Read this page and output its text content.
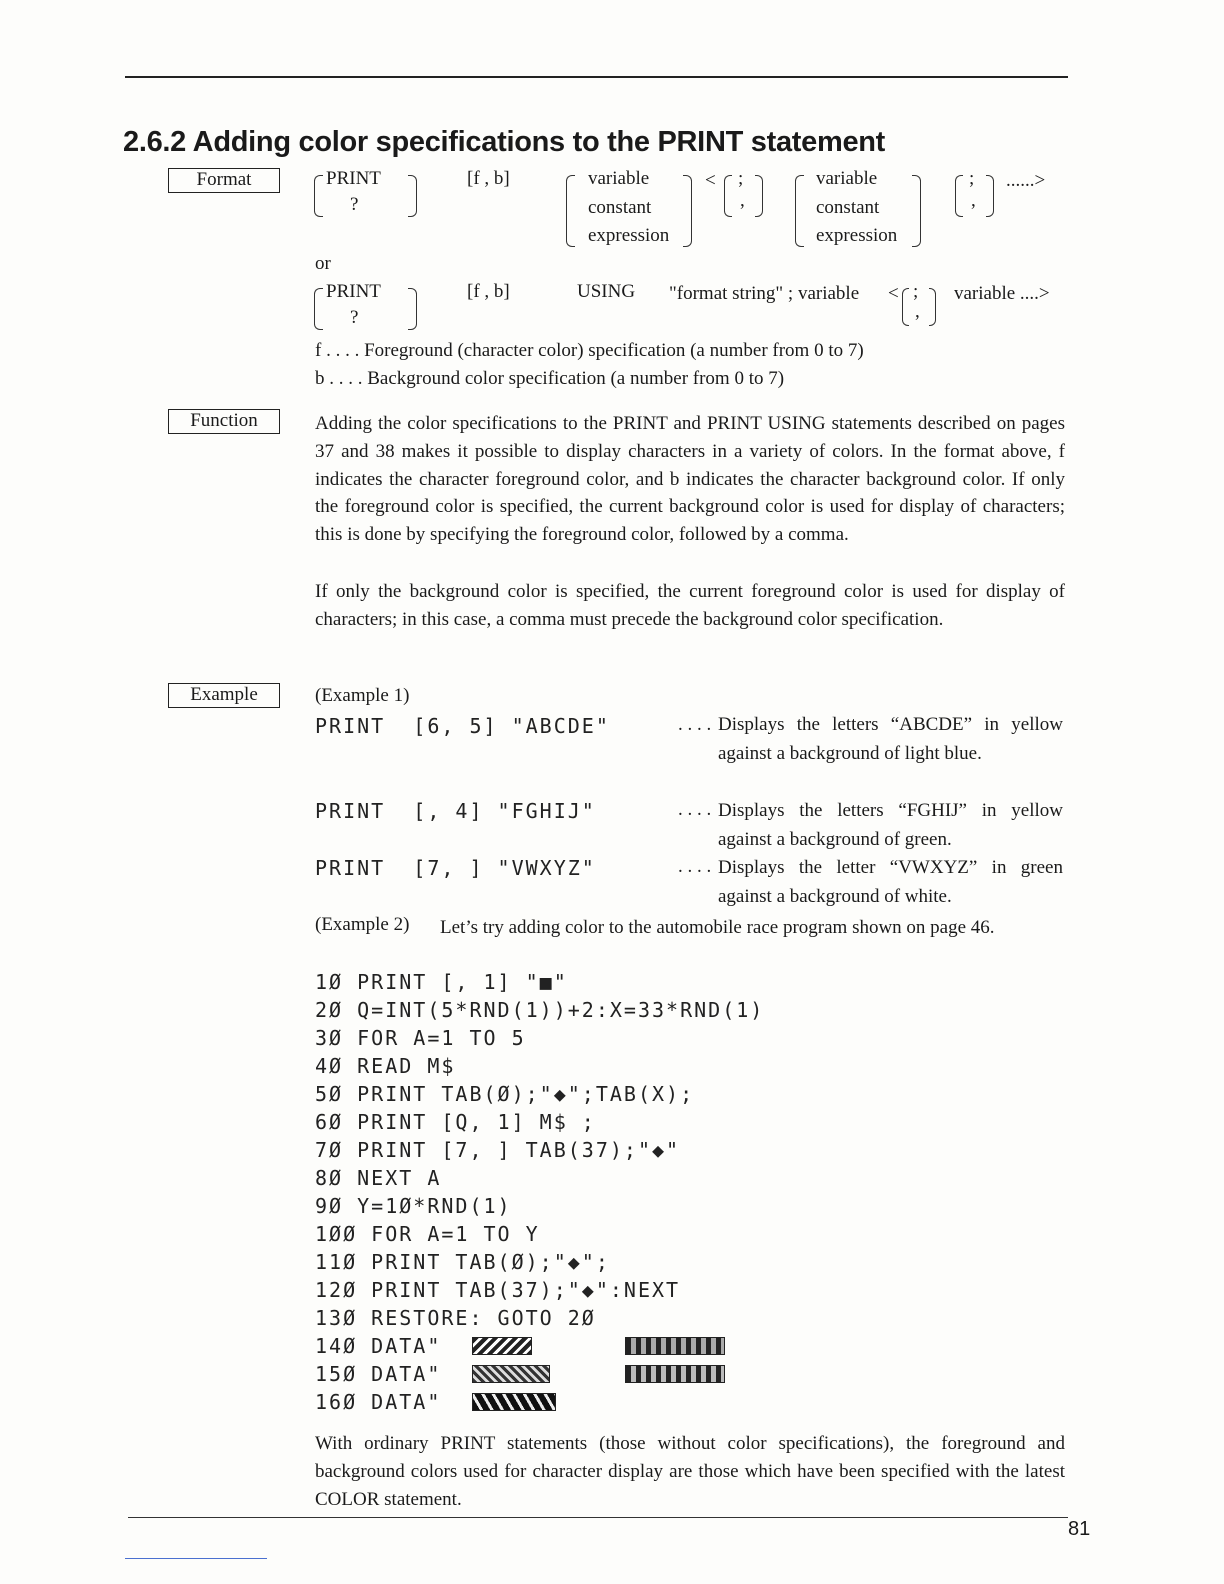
2.6.2 Adding color specifications to the PRINT statement
Format	PRINT
?
[f , b]	variable
constant
expression
< ;
,
variable
constant
expression
;
,
......>
or
PRINT
?
[f , b]	USING "format string" ; variable < ;
,
variable ....>
f . . . . Foreground (character color) specification (a number from 0 to 7)
b . . . . Background color specification (a number from 0 to 7)
Function	Adding the color specifications to the PRINT and PRINT USING statements described on pages 37 and 38 makes it possible to display characters in a variety of colors. In the format above, f indicates the character foreground color, and b indicates the character background color. If only the foreground color is specified, the current background color is used for display of characters; this is done by specifying the foreground color, followed by a comma.
If only the background color is specified, the current foreground color is used for display of characters; in this case, a comma must precede the background color specification.
Example	(Example 1)
PRINT  [6, 5] "ABCDE"	. . . . Displays the letters “ABCDE” in yellow against a background of light blue.
PRINT  [, 4] "FGHIJ"	. . . . Displays the letters “FGHIJ” in yellow against a background of green.
PRINT  [7, ] "VWXYZ"	. . . . Displays the letter “VWXYZ” in green against a background of white.
(Example 2) Let’s try adding color to the automobile race program shown on page 46.
1Ø PRINT [, 1] "■"
2Ø Q=INT(5*RND(1))+2:X=33*RND(1)
3Ø FOR A=1 TO 5
4Ø READ M$
5Ø PRINT TAB(Ø);"◆";TAB(X);
6Ø PRINT [Q, 1] M$ ;
7Ø PRINT [7, ] TAB(37);"◆"
8Ø NEXT A
9Ø Y=1Ø*RND(1)
1ØØ FOR A=1 TO Y
11Ø PRINT TAB(Ø);"◆";
12Ø PRINT TAB(37);"◆":NEXT
13Ø RESTORE: GOTO 2Ø
14Ø DATA"
15Ø DATA"
16Ø DATA"
With ordinary PRINT statements (those without color specifications), the foreground and background colors used for character display are those which have been specified with the latest COLOR statement.
81
